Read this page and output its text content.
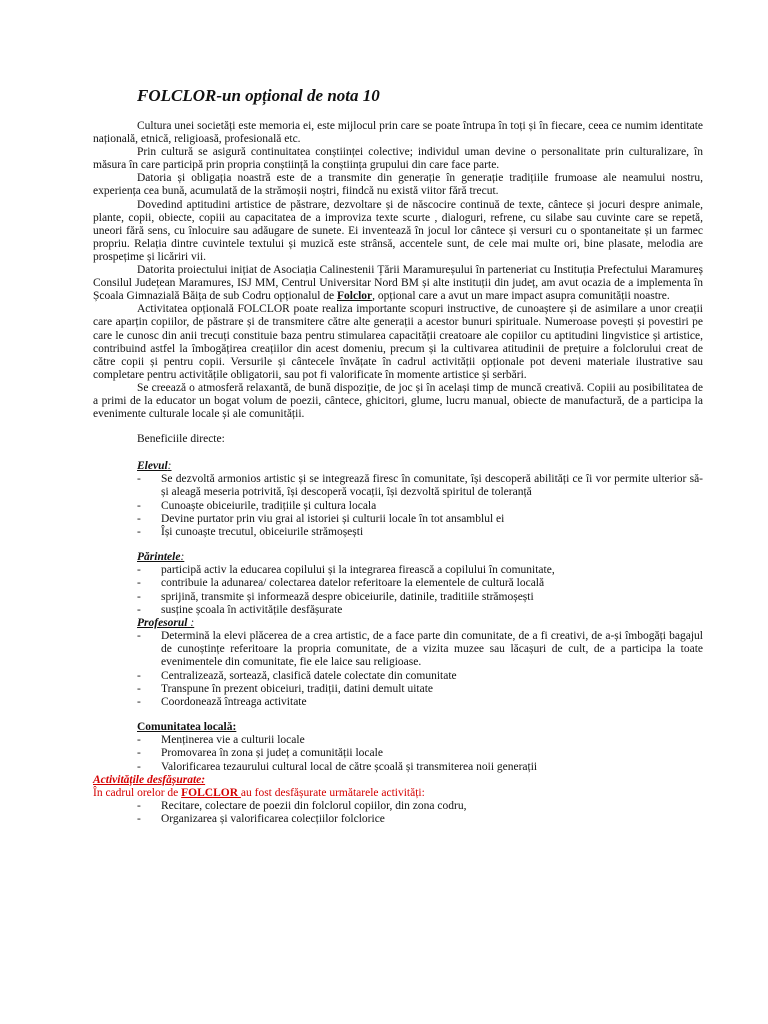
FOLCLOR-un opțional de nota 10

Cultura unei societăți este memoria ei, este mijlocul prin care se poate întrupa în toți și în fiecare, ceea ce numim identitate națională, etnică, religioasă, profesională etc.

Prin cultură se asigură continuitatea conștiinței colective; individul uman devine o personalitate prin culturalizare, în măsura în care participă prin propria conștiință la conștiința grupului din care face parte.

Datoria și obligația noastră este de a transmite din generație în generație tradițiile frumoase ale neamului nostru, experiența cea bună, acumulată de la strămoșii noștri, fiindcă nu există viitor fără trecut.

Dovedind aptitudini artistice de păstrare, dezvoltare și de născocire continuă de texte, cântece și jocuri despre animale, plante, copii, obiecte, copiii au capacitatea de a improviza texte scurte , dialoguri, refrene, cu silabe sau cuvinte care se repetă, uneori fără sens, cu înlocuire sau adăugare de sunete. Ei inventează în jocul lor cântece și versuri cu o spontaneitate și un farmec propriu. Relația dintre cuvintele textului și muzică este strânsă, accentele sunt, de cele mai multe ori, bine plasate, melodia are prospețime și licăriri vii.

Datorita proiectului inițiat de Asociația Calinestenii Țării Maramureșului în parteneriat cu Instituția Prefectului Maramureș Consilul Județean Maramures, ISJ MM, Centrul Universitar Nord BM și alte instituții din județ, am avut ocazia de a implementa în Școala Gimnazială Băița de sub Codru opționalul de Folclor, opțional care a avut un mare impact asupra comunității noastre.

Activitatea opțională FOLCLOR poate realiza importante scopuri instructive, de cunoaștere și de asimilare a unor creații care aparțin copiilor, de păstrare și de transmitere către alte generații a acestor bunuri spirituale. Numeroase povești și povestiri pe care le cunosc din anii trecuți constituie baza pentru stimularea capacității creatoare ale copiilor cu aptitudini lingvistice și artistice, contribuind astfel la îmbogățirea creațiilor din acest domeniu, precum și la cultivarea atitudinii de prețuire a folclorului creat de către copii și pentru copii. Versurile și cântecele învățate în cadrul activității opționale pot deveni materiale ilustrative sau completare pentru activitățile obligatorii, sau pot fi valorificate în momente artistice și serbări.

Se creează o atmosferă relaxantă, de bună dispoziție, de joc și în același timp de muncă creativă. Copiii au posibilitatea de a primi de la educator un bogat volum de poezii, cântece, ghicitori, glume, lucru manual, obiecte de manufactură, de a participa la evenimente culturale locale și ale comunității.

Beneficiile directe:

Elevul:
- Se dezvoltă armonios artistic și se integrează firesc în comunitate, își descoperă abilități ce îi vor permite ulterior să-și aleagă meseria potrivită, își descoperă vocații, își dezvoltă spiritul de toleranță
- Cunoaște obiceiurile, tradițiile și cultura locala
- Devine purtator prin viu grai al istoriei și culturii locale în tot ansamblul ei
- Își cunoaște trecutul, obiceiurile strămoșești
Părintele:
- participă activ la educarea copilului și la integrarea firească a copilului în comunitate,
- contribuie la adunarea/ colectarea datelor referitoare la elementele de cultură locală
- sprijină, transmite și informează despre obiceiurile, datinile, traditiile strămoșești
- susține școala în activitățile desfășurate
Profesorul :
- Determină la elevi plăcerea de a crea artistic, de a face parte din comunitate, de a fi creativi, de a-și îmbogăți bagajul de cunoștințe referitoare la propria comunitate, de a vizita muzee sau lăcașuri de cult, de a participa la toate evenimentele din comunitate, fie ele laice sau religioase.
- Centralizează, sortează, clasifică datele colectate din comunitate
- Transpune în prezent obiceiuri, tradiții, datini demult uitate
- Coordonează întreaga activitate
Comunitatea locală:
- Menținerea vie a culturii locale
- Promovarea în zona și județ a comunității locale
- Valorificarea tezaurului cultural local de către școală și transmiterea noii generații
Activitățile desfășurate:
În cadrul orelor de FOLCLOR au fost desfășurate următarele activități:
- Recitare, colectare de poezii din folclorul copiilor, din zona codru,
- Organizarea și valorificarea colecțiilor folclorice
